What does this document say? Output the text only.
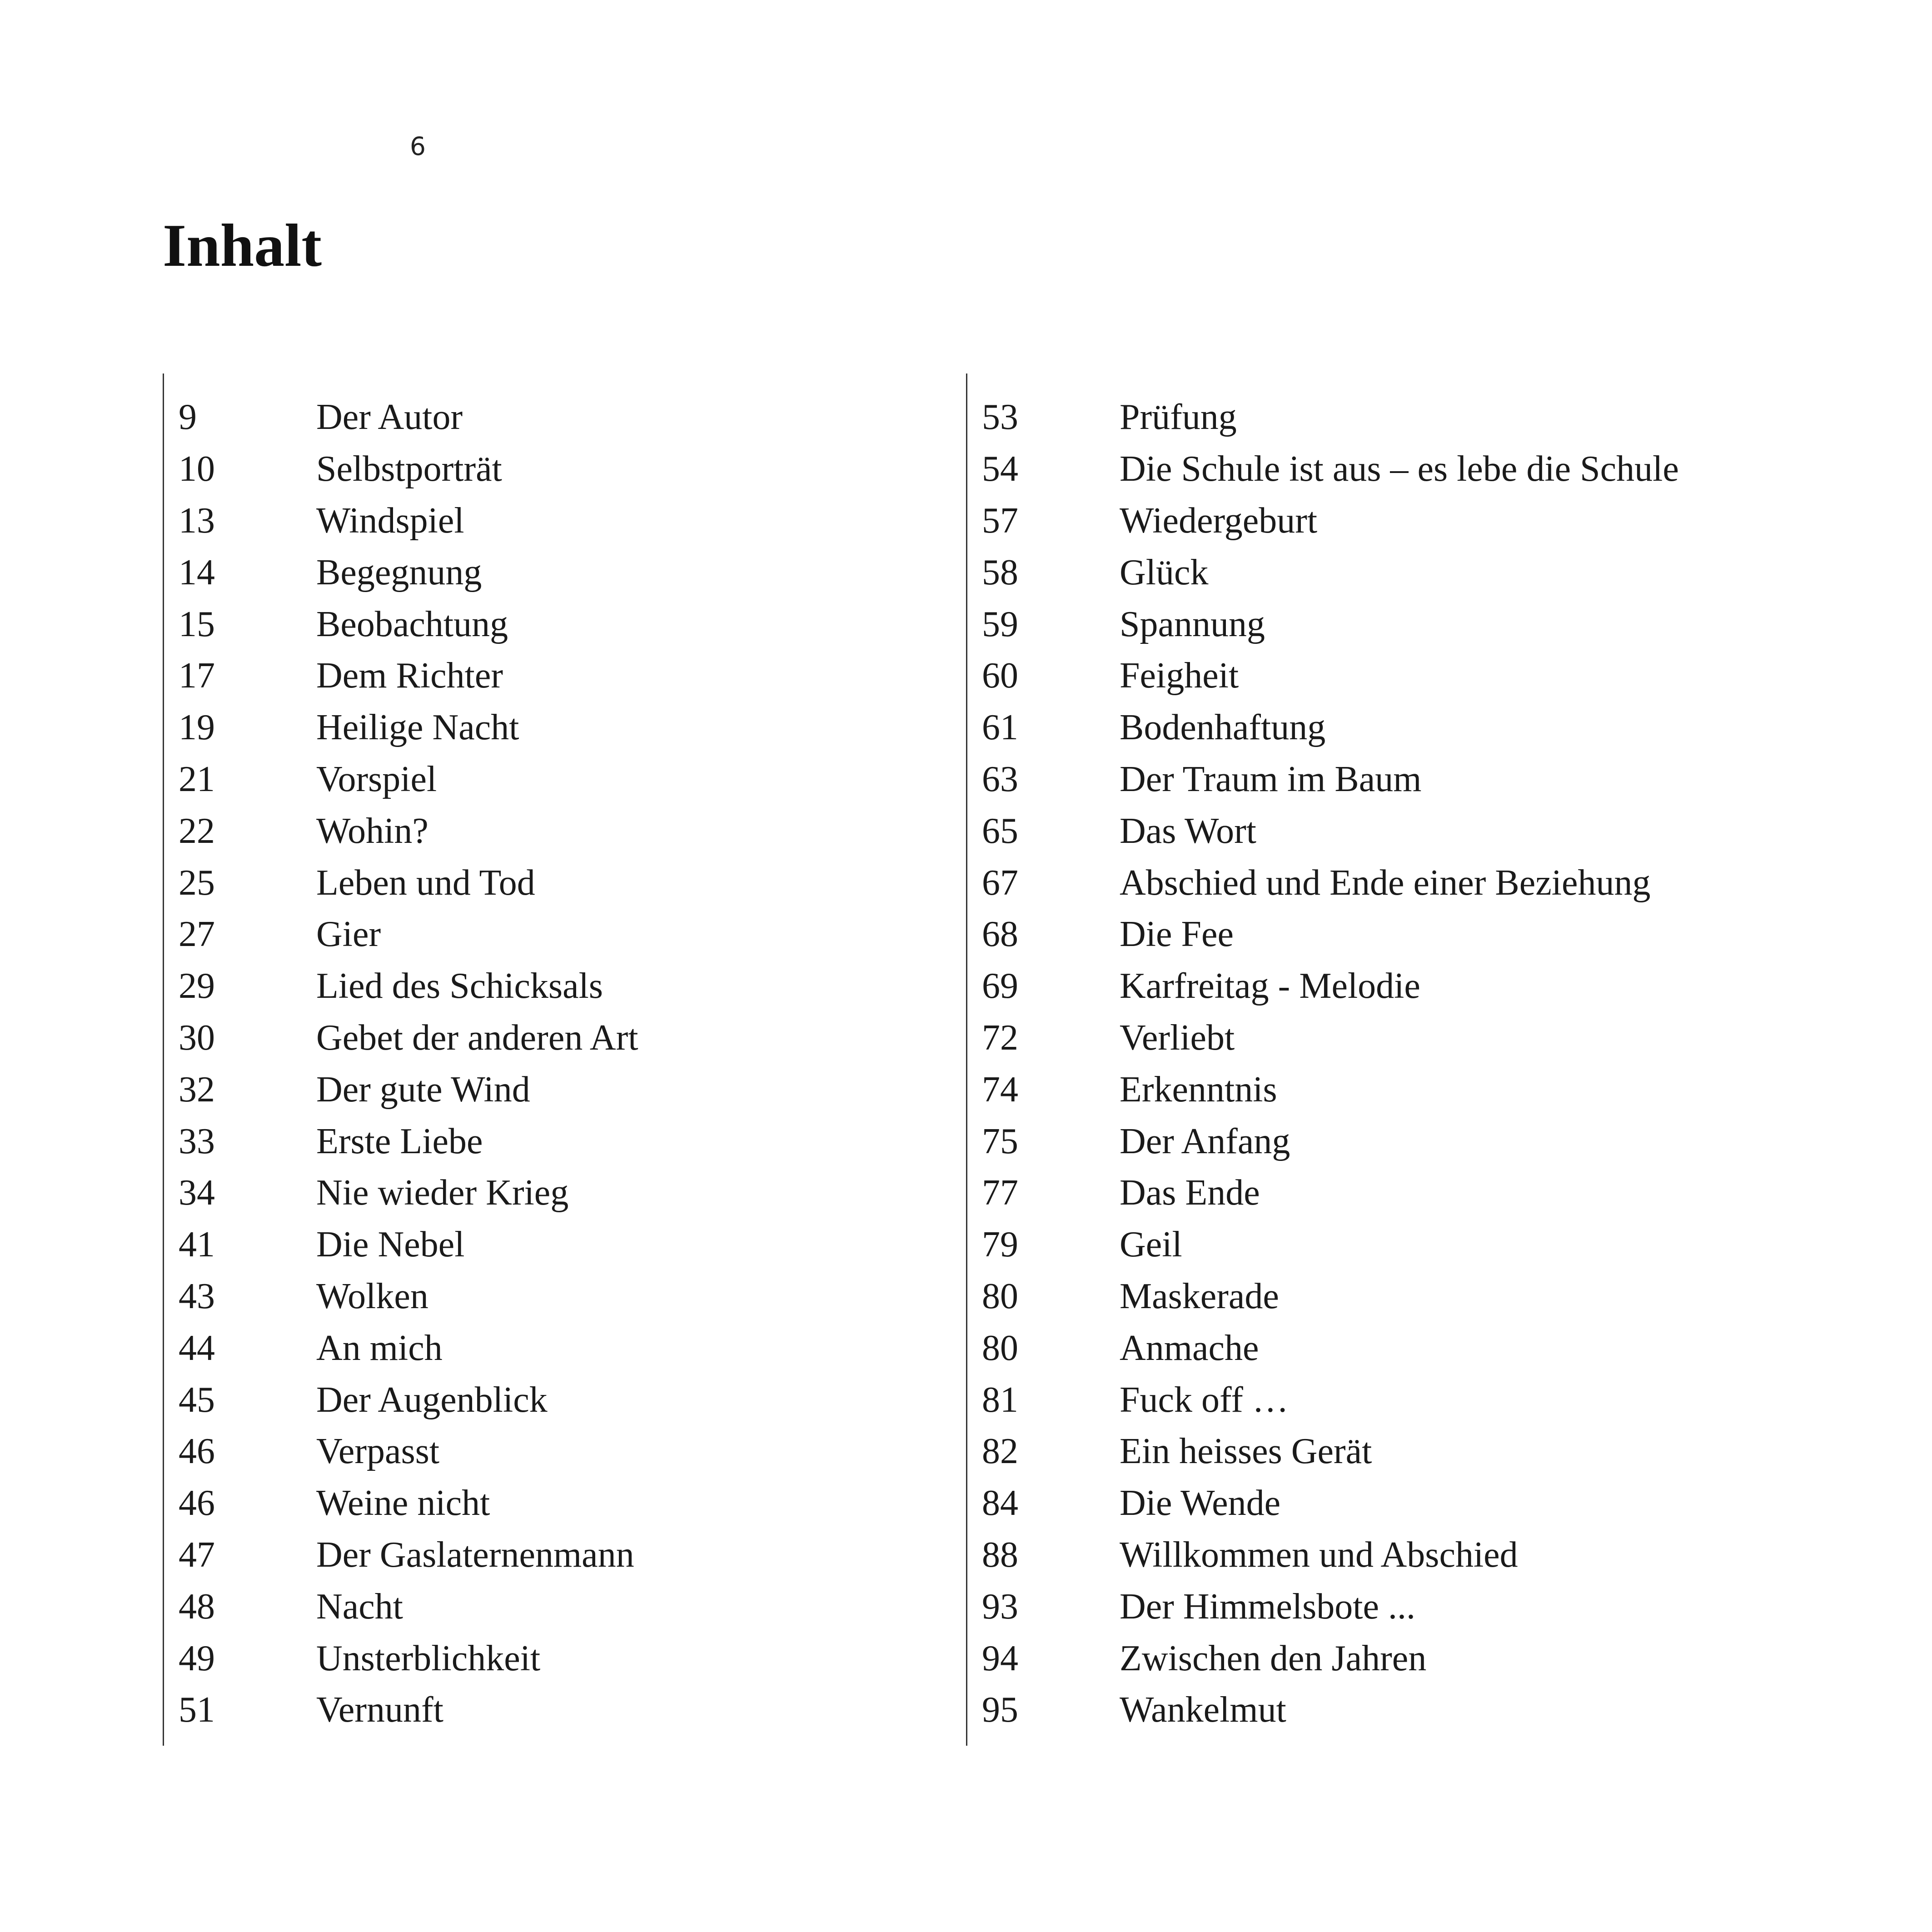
6
Inhalt
9	Der Autor
10	Selbstporträt
13	Windspiel
14	Begegnung
15	Beobachtung
17	Dem Richter
19	Heilige Nacht
21	Vorspiel
22	Wohin?
25	Leben und Tod
27	Gier
29	Lied des Schicksals
30	Gebet der anderen Art
32	Der gute Wind
33	Erste Liebe
34	Nie wieder Krieg
41	Die Nebel
43	Wolken
44	An mich
45	Der Augenblick
46	Verpasst
46	Weine nicht
47	Der Gaslaternenmann
48	Nacht
49	Unsterblichkeit
51	Vernunft
53	Prüfung
54	Die Schule ist aus – es lebe die Schule
57	Wiedergeburt
58	Glück
59	Spannung
60	Feigheit
61	Bodenhaftung
63	Der Traum im Baum
65	Das Wort
67	Abschied und Ende einer Beziehung
68	Die Fee
69	Karfreitag - Melodie
72	Verliebt
74	Erkenntnis
75	Der Anfang
77	Das Ende
79	Geil
80	Maskerade
80	Anmache
81	Fuck off …
82	Ein heisses Gerät
84	Die Wende
88	Willkommen und Abschied
93	Der Himmelsbote ...
94	Zwischen den Jahren
95	Wankelmut
